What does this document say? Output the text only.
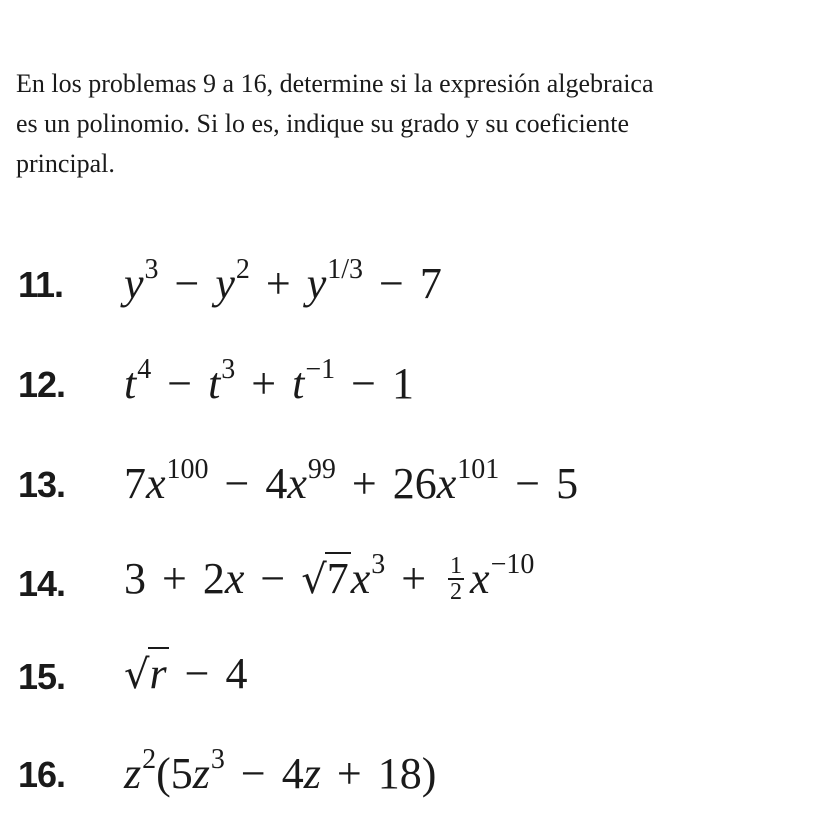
En los problemas 9 a 16, determine si la expresión algebraica
es un polinomio. Si lo es, indique su grado y su coeficiente
principal.

11. $y^3 - y^2 + y^{1/3} - 7$
12. $t^4 - t^3 + t^{-1} - 1$
13. $7x^{100} - 4x^{99} + 26x^{101} - 5$
14. $3 + 2x - √7x^3 + \frac{1}{2} x^{-10}$
15. √r − 4
16. $z^2(5z^3 - 4z + 18)$
